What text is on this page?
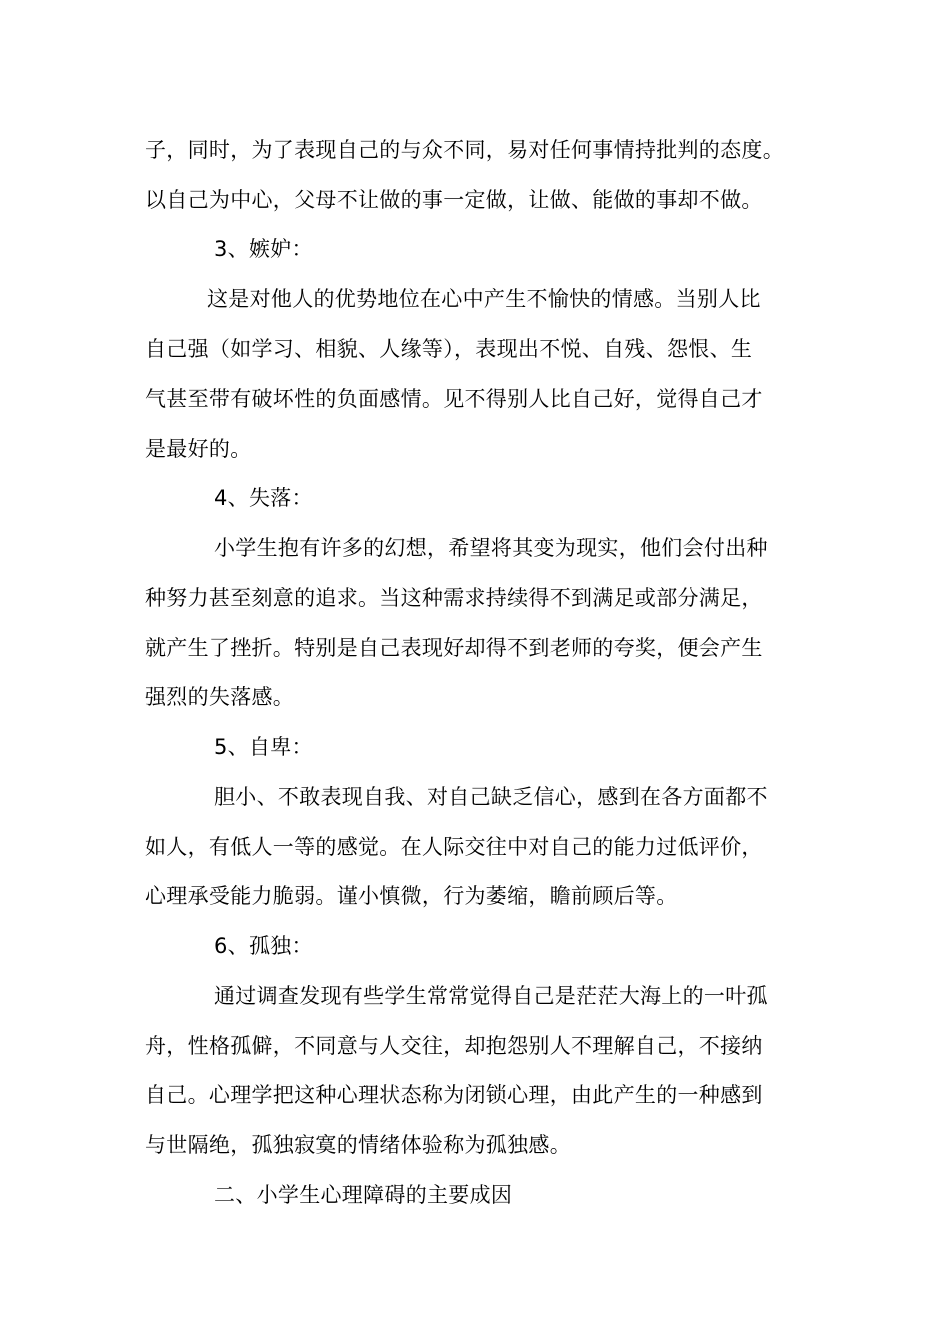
子，同时，为了表现自己的与众不同，易对任何事情持批判的态度。
以自己为中心，父母不让做的事一定做，让做、能做的事却不做。
3、嫉妒：
这是对他人的优势地位在心中产生不愉快的情感。当别人比
自己强（如学习、相貌、人缘等），表现出不悦、自残、怨恨、生
气甚至带有破坏性的负面感情。见不得别人比自己好，觉得自己才
是最好的。
4、失落：
小学生抱有许多的幻想，希望将其变为现实，他们会付出种
种努力甚至刻意的追求。当这种需求持续得不到满足或部分满足，
就产生了挫折。特别是自己表现好却得不到老师的夸奖，便会产生
强烈的失落感。
5、自卑：
胆小、不敢表现自我、对自己缺乏信心，感到在各方面都不
如人，有低人一等的感觉。在人际交往中对自己的能力过低评价，
心理承受能力脆弱。谨小慎微，行为萎缩，瞻前顾后等。
6、孤独：
通过调查发现有些学生常常觉得自己是茫茫大海上的一叶孤
舟，性格孤僻，不同意与人交往，却抱怨别人不理解自己，不接纳
自己。心理学把这种心理状态称为闭锁心理，由此产生的一种感到
与世隔绝，孤独寂寞的情绪体验称为孤独感。
二、小学生心理障碍的主要成因
